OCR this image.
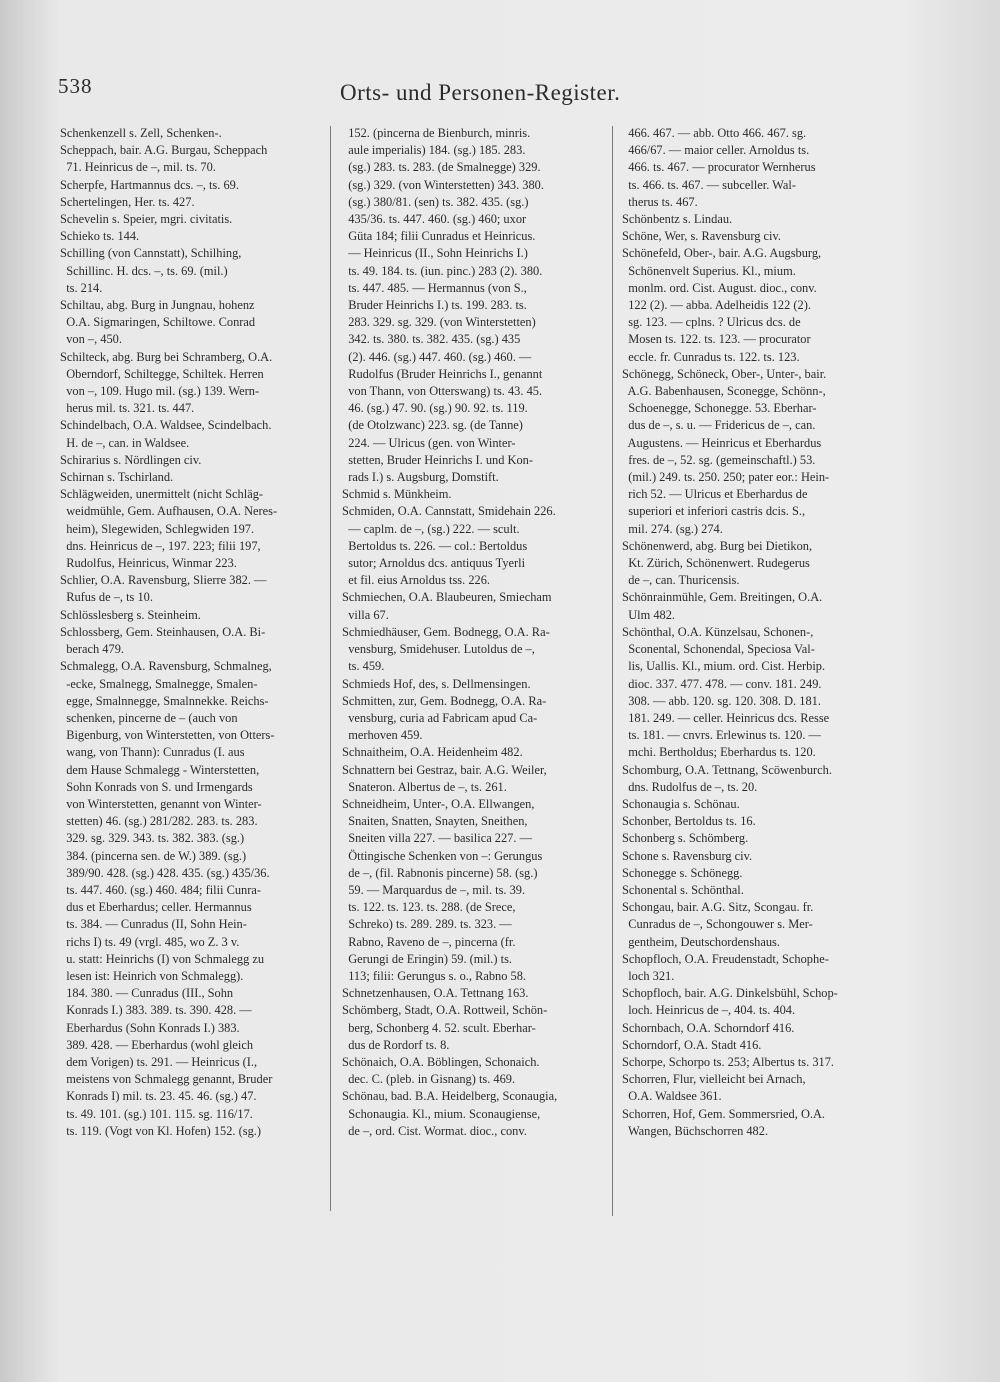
538	Orts- und Personen-Register.
Schenkenzell s. Zell, Schenken-.
Scheppach, bair. A.G. Burgau, Scheppach
71. Heinricus de –, mil. ts. 70.
Scherpfe, Hartmannus dcs. –, ts. 69.
Schertelingen, Her. ts. 427.
Schevelin s. Speier, mgri. civitatis.
Schieko ts. 144.
Schilling (von Cannstatt), Schilhing,
Schillinc. H. dcs. –, ts. 69. (mil.)
ts. 214.
Schiltau, abg. Burg in Jungnau, hohenz
O.A. Sigmaringen, Schiltowe. Conrad
von –, 450.
Schilteck, abg. Burg bei Schramberg, O.A.
Oberndorf, Schiltegge, Schiltek. Herren
von –, 109. Hugo mil. (sg.) 139. Wern-
herus mil. ts. 321. ts. 447.
Schindelbach, O.A. Waldsee, Scindelbach.
H. de –, can. in Waldsee.
Schirarius s. Nördlingen civ.
Schirnan s. Tschirland.
Schlägweiden, unermittelt (nicht Schläg-
weidmühle, Gem. Aufhausen, O.A. Neres-
heim), Slegewiden, Schlegwiden 197.
dns. Heinricus de –, 197. 223; filii 197,
Rudolfus, Heinricus, Winmar 223.
Schlier, O.A. Ravensburg, Slierre 382. —
Rufus de –, ts 10.
Schlösslesberg s. Steinheim.
Schlossberg, Gem. Steinhausen, O.A. Bi-
berach 479.
Schmalegg, O.A. Ravensburg, Schmalneg,
-ecke, Smalnegg, Smalnegge, Smalen-
egge, Smalnnegge, Smalnnekke. Reichs-
schenken, pincerne de – (auch von
Bigenburg, von Winterstetten, von Otters-
wang, von Thann): Cunradus (I. aus
dem Hause Schmalegg - Winterstetten,
Sohn Konrads von S. und Irmengards
von Winterstetten, genannt von Winter-
stetten) 46. (sg.) 281/282. 283. ts. 283.
329. sg. 329. 343. ts. 382. 383. (sg.)
384. (pincerna sen. de W.) 389. (sg.)
389/90. 428. (sg.) 428. 435. (sg.) 435/36.
ts. 447. 460. (sg.) 460. 484; filii Cunra-
dus et Eberhardus; celler. Hermannus
ts. 384. — Cunradus (II, Sohn Hein-
richs I) ts. 49 (vrgl. 485, wo Z. 3 v.
u. statt: Heinrichs (I) von Schmalegg zu
lesen ist: Heinrich von Schmalegg).
184. 380. — Cunradus (III., Sohn
Konrads I.) 383. 389. ts. 390. 428. —
Eberhardus (Sohn Konrads I.) 383.
389. 428. — Eberhardus (wohl gleich
dem Vorigen) ts. 291. — Heinricus (I.,
meistens von Schmalegg genannt, Bruder
Konrads I) mil. ts. 23. 45. 46. (sg.) 47.
ts. 49. 101. (sg.) 101. 115. sg. 116/17.
ts. 119. (Vogt von Kl. Hofen) 152. (sg.)
152. (pincerna de Bienburch, minris.
aule imperialis) 184. (sg.) 185. 283.
(sg.) 283. ts. 283. (de Smalnegge) 329.
(sg.) 329. (von Winterstetten) 343. 380.
(sg.) 380/81. (sen) ts. 382. 435. (sg.)
435/36. ts. 447. 460. (sg.) 460; uxor
Güta 184; filii Cunradus et Heinricus.
— Heinricus (II., Sohn Heinrichs I.)
ts. 49. 184. ts. (iun. pinc.) 283 (2). 380.
ts. 447. 485. — Hermannus (von S.,
Bruder Heinrichs I.) ts. 199. 283. ts.
283. 329. sg. 329. (von Winterstetten)
342. ts. 380. ts. 382. 435. (sg.) 435
(2). 446. (sg.) 447. 460. (sg.) 460. —
Rudolfus (Bruder Heinrichs I., genannt
von Thann, von Otterswang) ts. 43. 45.
46. (sg.) 47. 90. (sg.) 90. 92. ts. 119.
(de Otolzwanc) 223. sg. (de Tanne)
224. — Ulricus (gen. von Winter-
stetten, Bruder Heinrichs I. und Kon-
rads I.) s. Augsburg, Domstift.
Schmid s. Münkheim.
Schmiden, O.A. Cannstatt, Smidehain 226.
— caplm. de –, (sg.) 222. — scult.
Bertoldus ts. 226. — col.: Bertoldus
sutor; Arnoldus dcs. antiquus Tyerli
et fil. eius Arnoldus tss. 226.
Schmiechen, O.A. Blaubeuren, Smiecham
villa 67.
Schmiedhäuser, Gem. Bodnegg, O.A. Ra-
vensburg, Smidehuser. Lutoldus de –,
ts. 459.
Schmieds Hof, des, s. Dellmensingen.
Schmitten, zur, Gem. Bodnegg, O.A. Ra-
vensburg, curia ad Fabricam apud Ca-
merhoven 459.
Schnaitheim, O.A. Heidenheim 482.
Schnattern bei Gestraz, bair. A.G. Weiler,
Snateron. Albertus de –, ts. 261.
Schneidheim, Unter-, O.A. Ellwangen,
Snaiten, Snatten, Snayten, Sneithen,
Sneiten villa 227. — basilica 227. —
Öttingische Schenken von –: Gerungus
de –, (fil. Rabnonis pincerne) 58. (sg.)
59. — Marquardus de –, mil. ts. 39.
ts. 122. ts. 123. ts. 288. (de Srece,
Schreko) ts. 289. 289. ts. 323. —
Rabno, Raveno de –, pincerna (fr.
Gerungi de Eringin) 59. (mil.) ts.
113; filii: Gerungus s. o., Rabno 58.
Schnetzenhausen, O.A. Tettnang 163.
Schömberg, Stadt, O.A. Rottweil, Schön-
berg, Schonberg 4. 52. scult. Eberhar-
dus de Rordorf ts. 8.
Schönaich, O.A. Böblingen, Schonaich.
dec. C. (pleb. in Gisnang) ts. 469.
Schönau, bad. B.A. Heidelberg, Sconaugia,
Schonaugia. Kl., mium. Sconaugiense,
de –, ord. Cist. Wormat. dioc., conv.
466. 467. — abb. Otto 466. 467. sg.
466/67. — maior celler. Arnoldus ts.
466. ts. 467. — procurator Wernherus
ts. 466. ts. 467. — subceller. Wal-
therus ts. 467.
Schönbentz s. Lindau.
Schöne, Wer, s. Ravensburg civ.
Schönefeld, Ober-, bair. A.G. Augsburg,
Schönenvelt Superius. Kl., mium.
monlm. ord. Cist. August. dioc., conv.
122 (2). — abba. Adelheidis 122 (2).
sg. 123. — cplns. ? Ulricus dcs. de
Mosen ts. 122. ts. 123. — procurator
eccle. fr. Cunradus ts. 122. ts. 123.
Schönegg, Schöneck, Ober-, Unter-, bair.
A.G. Babenhausen, Sconegge, Schönn-,
Schoenegge, Schonegge. 53. Eberhar-
dus de –, s. u. — Fridericus de –, can.
Augustens. — Heinricus et Eberhardus
fres. de –, 52. sg. (gemeinschaftl.) 53.
(mil.) 249. ts. 250. 250; pater eor.: Hein-
rich 52. — Ulricus et Eberhardus de
superiori et inferiori castris dcis. S.,
mil. 274. (sg.) 274.
Schönenwerd, abg. Burg bei Dietikon,
Kt. Zürich, Schönenwert. Rudegerus
de –, can. Thuricensis.
Schönrainmühle, Gem. Breitingen, O.A.
Ulm 482.
Schönthal, O.A. Künzelsau, Schonen-,
Sconental, Schonendal, Speciosa Val-
lis, Uallis. Kl., mium. ord. Cist. Herbip.
dioc. 337. 477. 478. — conv. 181. 249.
308. — abb. 120. sg. 120. 308. D. 181.
181. 249. — celler. Heinricus dcs. Resse
ts. 181. — cnvrs. Erlewinus ts. 120. —
mchi. Bertholdus; Eberhardus ts. 120.
Schomburg, O.A. Tettnang, Scöwenburch.
dns. Rudolfus de –, ts. 20.
Schonaugia s. Schönau.
Schonber, Bertoldus ts. 16.
Schonberg s. Schömberg.
Schone s. Ravensburg civ.
Schonegge s. Schönegg.
Schonental s. Schönthal.
Schongau, bair. A.G. Sitz, Scongau. fr.
Cunradus de –, Schongouwer s. Mer-
gentheim, Deutschordenshaus.
Schopfloch, O.A. Freudenstadt, Schophe-
loch 321.
Schopfloch, bair. A.G. Dinkelsbühl, Schop-
loch. Heinricus de –, 404. ts. 404.
Schornbach, O.A. Schorndorf 416.
Schorndorf, O.A. Stadt 416.
Schorpe, Schorpo ts. 253; Albertus ts. 317.
Schorren, Flur, vielleicht bei Arnach,
O.A. Waldsee 361.
Schorren, Hof, Gem. Sommersried, O.A.
Wangen, Büchschorren 482.
